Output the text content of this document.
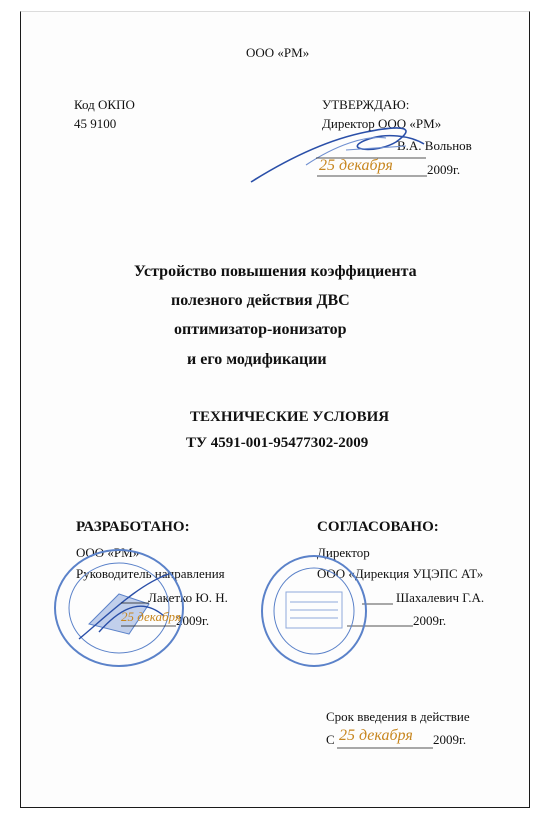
ООО «РМ»
Код ОКПО
45 9100
УТВЕРЖДАЮ:
Директор ООО «РМ»
В.А. Вольнов
2009г.
25 декабря
Устройство повышения коэффициента
полезного действия ДВС
оптимизатор-ионизатор
и его модификации
ТЕХНИЧЕСКИЕ УСЛОВИЯ
ТУ 4591-001-95477302-2009
РАЗРАБОТАНО:
ООО «РМ»
Руководитель направления
Лакетко Ю. Н.
2009г.
25 декабря
СОГЛАСОВАНО:
Директор
ООО «Дирекция УЦЭПС АТ»
Шахалевич Г.А.
2009г.
Срок введения в действие
С 25 декабря 2009г.
